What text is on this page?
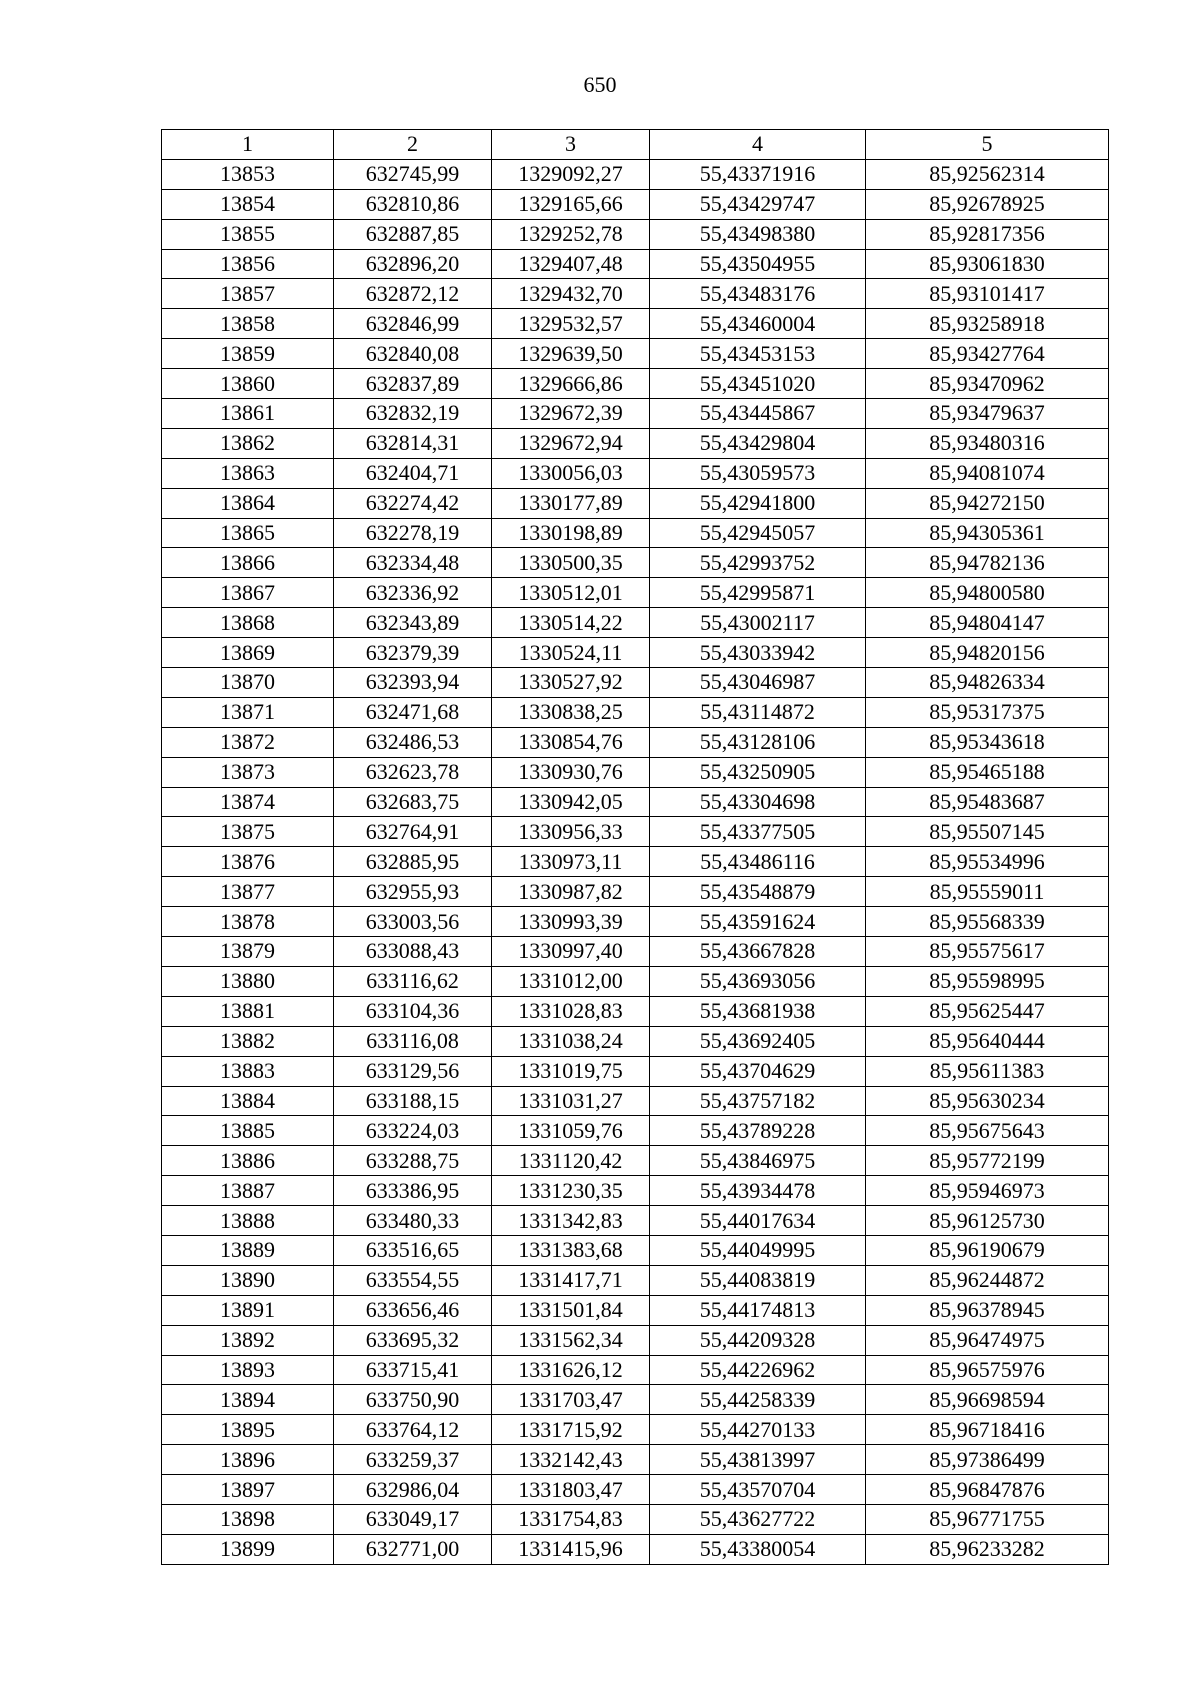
650
1	2	3	4	5
13853	632745,99	1329092,27	55,43371916	85,92562314
13854	632810,86	1329165,66	55,43429747	85,92678925
13855	632887,85	1329252,78	55,43498380	85,92817356
13856	632896,20	1329407,48	55,43504955	85,93061830
13857	632872,12	1329432,70	55,43483176	85,93101417
13858	632846,99	1329532,57	55,43460004	85,93258918
13859	632840,08	1329639,50	55,43453153	85,93427764
13860	632837,89	1329666,86	55,43451020	85,93470962
13861	632832,19	1329672,39	55,43445867	85,93479637
13862	632814,31	1329672,94	55,43429804	85,93480316
13863	632404,71	1330056,03	55,43059573	85,94081074
13864	632274,42	1330177,89	55,42941800	85,94272150
13865	632278,19	1330198,89	55,42945057	85,94305361
13866	632334,48	1330500,35	55,42993752	85,94782136
13867	632336,92	1330512,01	55,42995871	85,94800580
13868	632343,89	1330514,22	55,43002117	85,94804147
13869	632379,39	1330524,11	55,43033942	85,94820156
13870	632393,94	1330527,92	55,43046987	85,94826334
13871	632471,68	1330838,25	55,43114872	85,95317375
13872	632486,53	1330854,76	55,43128106	85,95343618
13873	632623,78	1330930,76	55,43250905	85,95465188
13874	632683,75	1330942,05	55,43304698	85,95483687
13875	632764,91	1330956,33	55,43377505	85,95507145
13876	632885,95	1330973,11	55,43486116	85,95534996
13877	632955,93	1330987,82	55,43548879	85,95559011
13878	633003,56	1330993,39	55,43591624	85,95568339
13879	633088,43	1330997,40	55,43667828	85,95575617
13880	633116,62	1331012,00	55,43693056	85,95598995
13881	633104,36	1331028,83	55,43681938	85,95625447
13882	633116,08	1331038,24	55,43692405	85,95640444
13883	633129,56	1331019,75	55,43704629	85,95611383
13884	633188,15	1331031,27	55,43757182	85,95630234
13885	633224,03	1331059,76	55,43789228	85,95675643
13886	633288,75	1331120,42	55,43846975	85,95772199
13887	633386,95	1331230,35	55,43934478	85,95946973
13888	633480,33	1331342,83	55,44017634	85,96125730
13889	633516,65	1331383,68	55,44049995	85,96190679
13890	633554,55	1331417,71	55,44083819	85,96244872
13891	633656,46	1331501,84	55,44174813	85,96378945
13892	633695,32	1331562,34	55,44209328	85,96474975
13893	633715,41	1331626,12	55,44226962	85,96575976
13894	633750,90	1331703,47	55,44258339	85,96698594
13895	633764,12	1331715,92	55,44270133	85,96718416
13896	633259,37	1332142,43	55,43813997	85,97386499
13897	632986,04	1331803,47	55,43570704	85,96847876
13898	633049,17	1331754,83	55,43627722	85,96771755
13899	632771,00	1331415,96	55,43380054	85,96233282
